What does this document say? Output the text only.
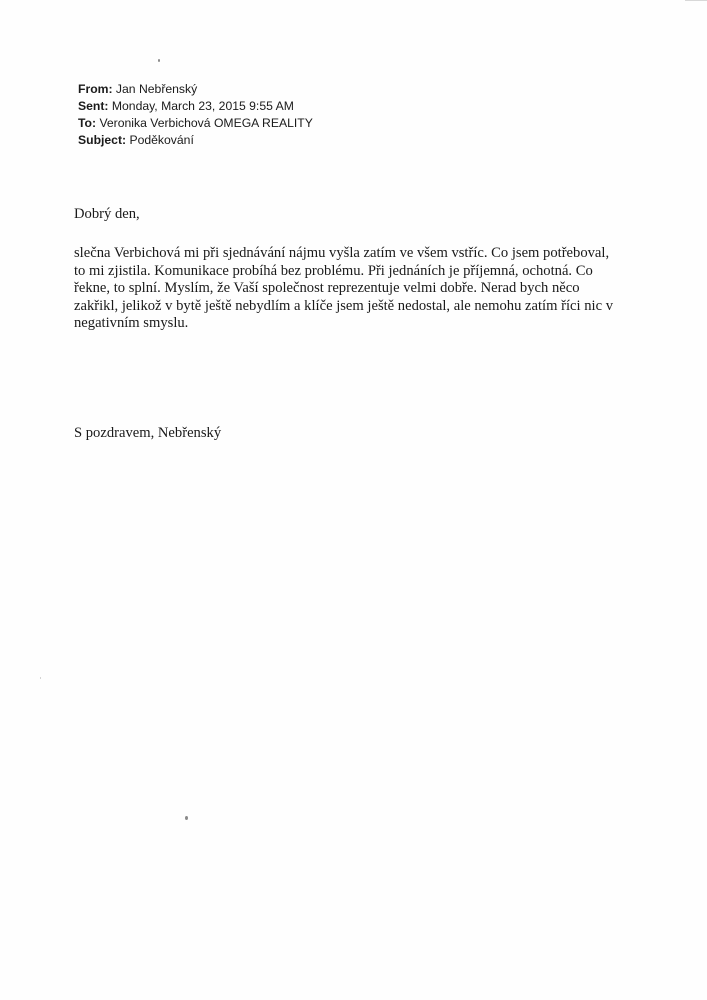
From: Jan Nebřenský
Sent: Monday, March 23, 2015 9:55 AM
To: Veronika Verbichová OMEGA REALITY
Subject: Poděkování
Dobrý den,
slečna Verbichová mi při sjednávání nájmu vyšla zatím ve všem vstříc. Co jsem potřeboval,
to mi zjistila. Komunikace probíhá bez problému. Při jednáních je příjemná, ochotná. Co
řekne, to splní. Myslím, že Vaší společnost reprezentuje velmi dobře. Nerad bych něco
zakřikl, jelikož v bytě ještě nebydlím a klíče jsem ještě nedostal, ale nemohu zatím říci nic v
negativním smyslu.
S pozdravem, Nebřenský
